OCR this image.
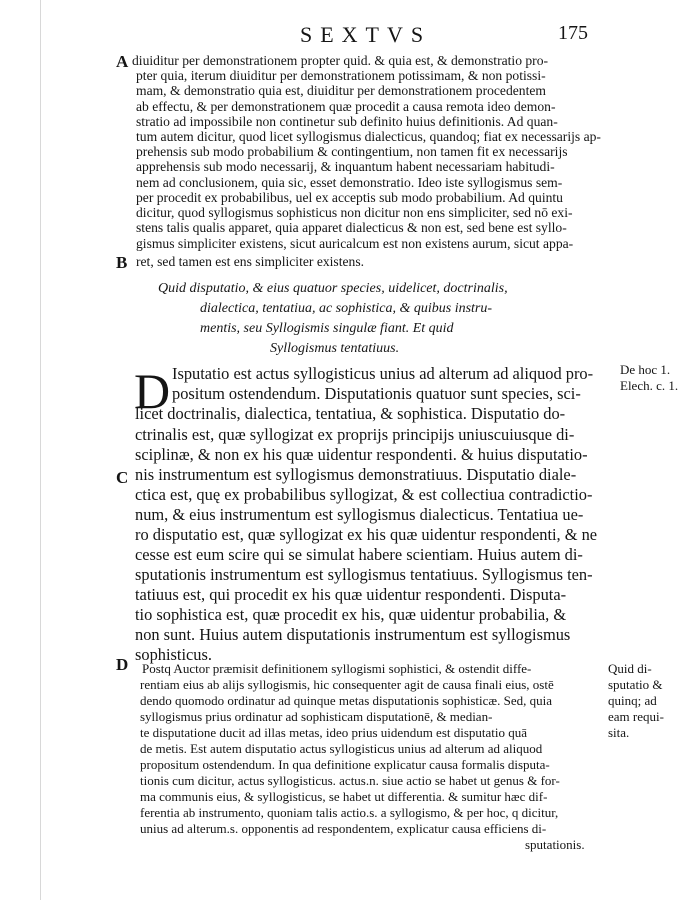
SEXTVS	175
A
B
C
D
diuiditur per demonstrationem propter quid. & quia est, & demonstratio pro-
pter quia, iterum diuiditur per demonstrationem potissimam, & non potissi-
mam, & demonstratio quia est, diuiditur per demonstrationem procedentem
ab effectu, & per demonstrationem quæ procedit a causa remota ideo demon-
stratio ad impossibile non continetur sub definito huius definitionis. Ad quan-
tum autem dicitur, quod licet syllogismus dialecticus, quandoq; fiat ex necessarijs ap-
prehensis sub modo probabilium & contingentium, non tamen fit ex necessarijs
apprehensis sub modo necessarij, & inquantum habent necessariam habitudi-
nem ad conclusionem, quia sic, esset demonstratio. Ideo iste syllogismus sem-
per procedit ex probabilibus, uel ex acceptis sub modo probabilium. Ad quintu
dicitur, quod syllogismus sophisticus non dicitur non ens simpliciter, sed nō exi-
stens talis qualis apparet, quia apparet dialecticus & non est, sed bene est syllo-
gismus simpliciter existens, sicut auricalcum est non existens aurum, sicut appa-
ret, sed tamen est ens simpliciter existens.
Quid disputatio, & eius quatuor species, uidelicet, doctrinalis,
dialectica, tentatiua, ac sophistica, & quibus instru-
mentis, seu Syllogismis singulæ fiant. Et quid
Syllogismus tentatiuus.
D Isputatio est actus syllogisticus unius ad alterum ad aliquod pro-
positum ostendendum. Disputationis quatuor sunt species, sci-
licet doctrinalis, dialectica, tentatiua, & sophistica. Disputatio do-
ctrinalis est, quæ syllogizat ex proprijs principijs uniuscuiusque di-
sciplinæ, & non ex his quæ uidentur respondenti. & huius disputatio-
nis instrumentum est syllogismus demonstratiuus. Disputatio diale-
ctica est, quę ex probabilibus syllogizat, & est collectiua contradictio-
num, & eius instrumentum est syllogismus dialecticus. Tentatiua ue-
ro disputatio est, quæ syllogizat ex his quæ uidentur respondenti, & ne
cesse est eum scire qui se simulat habere scientiam. Huius autem di-
sputationis instrumentum est syllogismus tentatiuus. Syllogismus ten-
tatiuus est, qui procedit ex his quæ uidentur respondenti. Disputa-
tio sophistica est, quæ procedit ex his, quæ uidentur probabilia, &
non sunt. Huius autem disputationis instrumentum est syllogismus
sophisticus.
Postq Auctor præmisit definitionem syllogismi sophistici, & ostendit diffe-
rentiam eius ab alijs syllogismis, hic consequenter agit de causa finali eius, ostē
dendo quomodo ordinatur ad quinque metas disputationis sophisticæ. Sed, quia
syllogismus prius ordinatur ad sophisticam disputationē, & median-
te disputatione ducit ad illas metas, ideo prius uidendum est disputatio quā
de metis. Est autem disputatio actus syllogisticus unius ad alterum ad aliquod
propositum ostendendum. In qua definitione explicatur causa formalis disputa-
tionis cum dicitur, actus syllogisticus. actus.n. siue actio se habet ut genus & for-
ma communis eius, & syllogisticus, se habet ut differentia. & sumitur hæc dif-
ferentia ab instrumento, quoniam talis actio.s. a syllogismo, & per hoc, q dicitur,
unius ad alterum.s. opponentis ad respondentem, explicatur causa efficiens di-
sputationis.
De hoc 1.
Elech. c. 1.
Quid di-
sputatio &
quinq; ad
eam requi-
sita.
